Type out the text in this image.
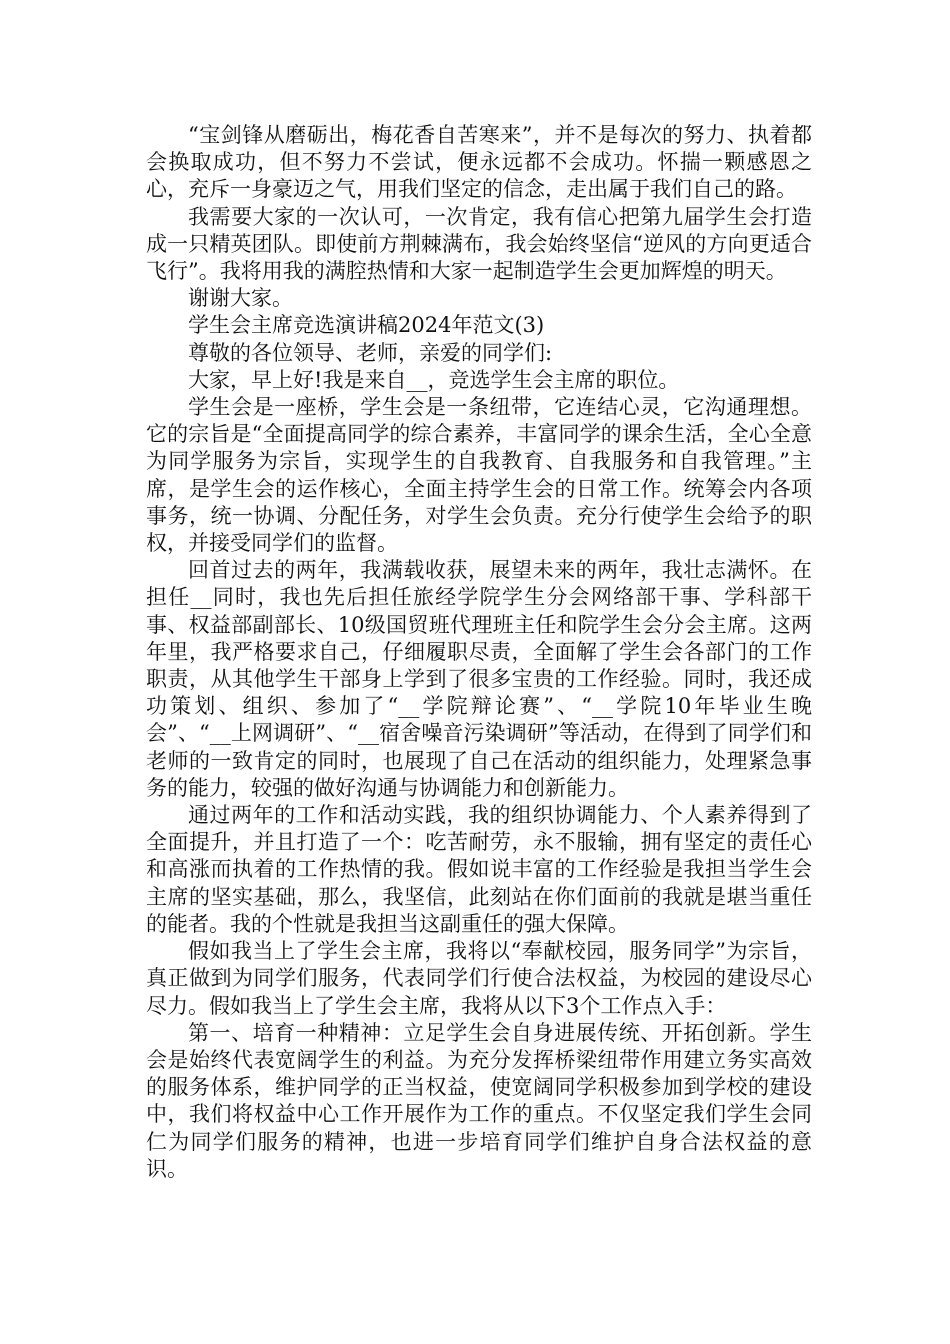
“宝剑锋从磨砺出，梅花香自苦寒来”，并不是每次的努力、执着都会换取成功，但不努力不尝试，便永远都不会成功。怀揣一颗感恩之心，充斥一身豪迈之气，用我们坚定的信念，走出属于我们自己的路。

我需要大家的一次认可，一次肯定，我有信心把第九届学生会打造成一只精英团队。即使前方荆棘满布，我会始终坚信“逆风的方向更适合飞行”。我将用我的满腔热情和大家一起制造学生会更加辉煌的明天。

谢谢大家。

学生会主席竞选演讲稿2024年范文(3)

尊敬的各位领导、老师，亲爱的同学们:

大家，早上好!我是来自__，竞选学生会主席的职位。

学生会是一座桥，学生会是一条纽带，它连结心灵，它沟通理想。它的宗旨是“全面提高同学的综合素养，丰富同学的课余生活，全心全意为同学服务为宗旨，实现学生的自我教育、自我服务和自我管理。”主席，是学生会的运作核心，全面主持学生会的日常工作。统筹会内各项事务，统一协调、分配任务，对学生会负责。充分行使学生会给予的职权，并接受同学们的监督。

回首过去的两年，我满载收获，展望未来的两年，我壮志满怀。在担任__同时，我也先后担任旅经学院学生分会网络部干事、学科部干事、权益部副部长、10级国贸班代理班主任和院学生会分会主席。这两年里，我严格要求自己，仔细履职尽责，全面解了学生会各部门的工作职责，从其他学生干部身上学到了很多宝贵的工作经验。同时，我还成功策划、组织、参加了“__学院辩论赛”、“__学院10年毕业生晚会”、“__上网调研”、“__宿舍噪音污染调研”等活动，在得到了同学们和老师的一致肯定的同时，也展现了自己在活动的组织能力，处理紧急事务的能力，较强的做好沟通与协调能力和创新能力。

通过两年的工作和活动实践，我的组织协调能力、个人素养得到了全面提升，并且打造了一个：吃苦耐劳，永不服输，拥有坚定的责任心和高涨而执着的工作热情的我。假如说丰富的工作经验是我担当学生会主席的坚实基础，那么，我坚信，此刻站在你们面前的我就是堪当重任的能者。我的个性就是我担当这副重任的强大保障。

假如我当上了学生会主席，我将以“奉献校园，服务同学”为宗旨，真正做到为同学们服务，代表同学们行使合法权益，为校园的建设尽心尽力。假如我当上了学生会主席，我将从以下3个工作点入手：

第一、培育一种精神：立足学生会自身进展传统、开拓创新。学生会是始终代表宽阔学生的利益。为充分发挥桥梁纽带作用建立务实高效的服务体系，维护同学的正当权益，使宽阔同学积极参加到学校的建设中，我们将权益中心工作开展作为工作的重点。不仅坚定我们学生会同仁为同学们服务的精神，也进一步培育同学们维护自身合法权益的意识。
